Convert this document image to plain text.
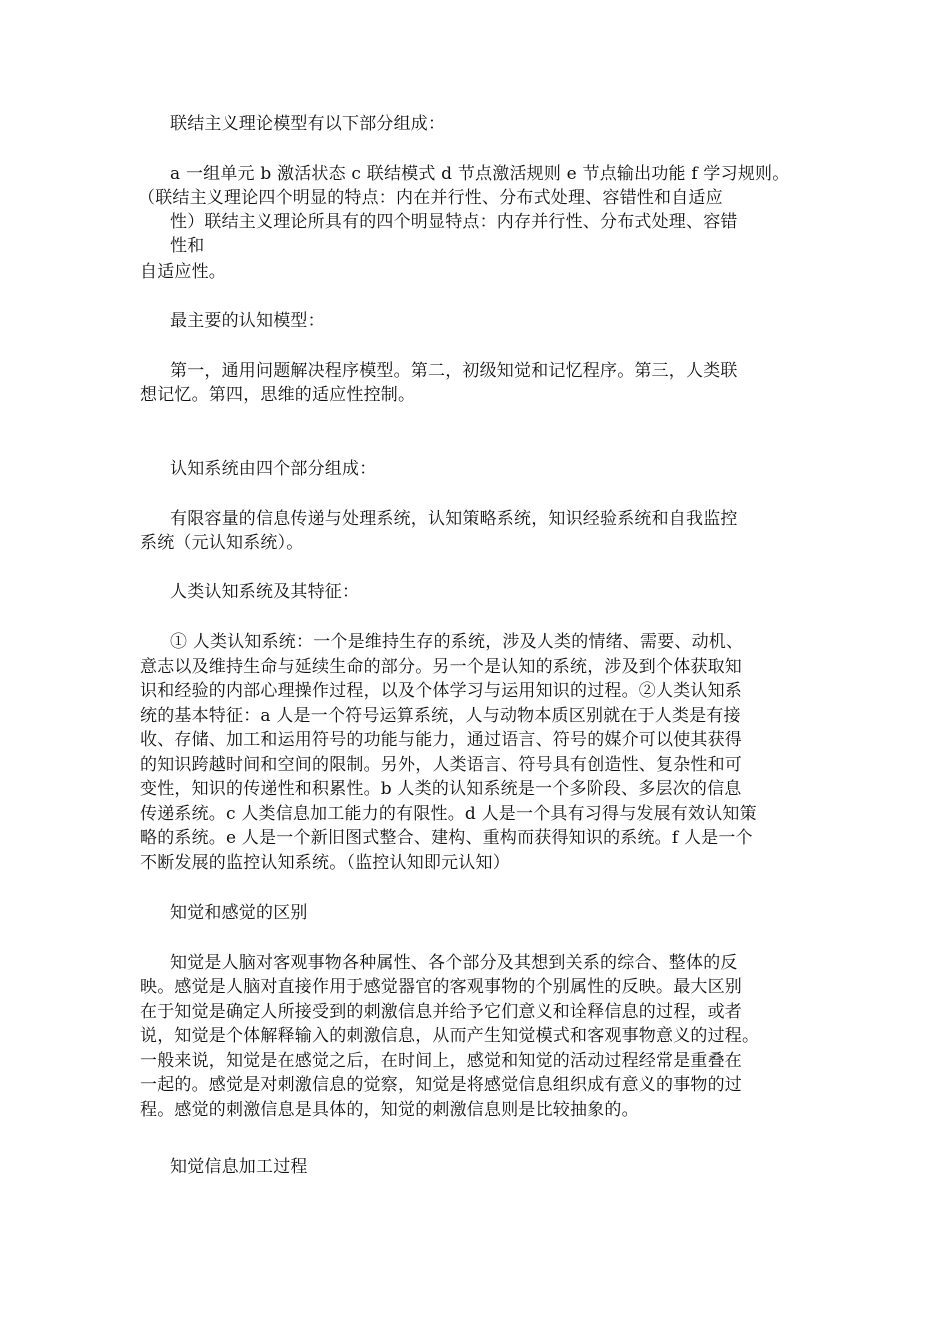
联结主义理论模型有以下部分组成：
a 一组单元 b 激活状态 c 联结模式 d 节点激活规则 e 节点输出功能 f 学习规则。
（联结主义理论四个明显的特点：内在并行性、分布式处理、容错性和自适应
性）联结主义理论所具有的四个明显特点：内存并行性、分布式处理、容错
性和
自适应性。
最主要的认知模型：
第一，通用问题解决程序模型。第二，初级知觉和记忆程序。第三，人类联
想记忆。第四，思维的适应性控制。
认知系统由四个部分组成：
有限容量的信息传递与处理系统，认知策略系统，知识经验系统和自我监控
系统（元认知系统）。
人类认知系统及其特征：
① 人类认知系统：一个是维持生存的系统，涉及人类的情绪、需要、动机、
意志以及维持生命与延续生命的部分。另一个是认知的系统，涉及到个体获取知
识和经验的内部心理操作过程，以及个体学习与运用知识的过程。②人类认知系
统的基本特征：a 人是一个符号运算系统，人与动物本质区别就在于人类是有接
收、存储、加工和运用符号的功能与能力，通过语言、符号的媒介可以使其获得
的知识跨越时间和空间的限制。另外，人类语言、符号具有创造性、复杂性和可
变性，知识的传递性和积累性。b 人类的认知系统是一个多阶段、多层次的信息
传递系统。c 人类信息加工能力的有限性。d 人是一个具有习得与发展有效认知策
略的系统。e 人是一个新旧图式整合、建构、重构而获得知识的系统。f 人是一个
不断发展的监控认知系统。（监控认知即元认知）
知觉和感觉的区别
知觉是人脑对客观事物各种属性、各个部分及其想到关系的综合、整体的反
映。感觉是人脑对直接作用于感觉器官的客观事物的个别属性的反映。最大区别
在于知觉是确定人所接受到的刺激信息并给予它们意义和诠释信息的过程，或者
说，知觉是个体解释输入的刺激信息，从而产生知觉模式和客观事物意义的过程。
一般来说，知觉是在感觉之后，在时间上，感觉和知觉的活动过程经常是重叠在
一起的。感觉是对刺激信息的觉察，知觉是将感觉信息组织成有意义的事物的过
程。感觉的刺激信息是具体的，知觉的刺激信息则是比较抽象的。
知觉信息加工过程
